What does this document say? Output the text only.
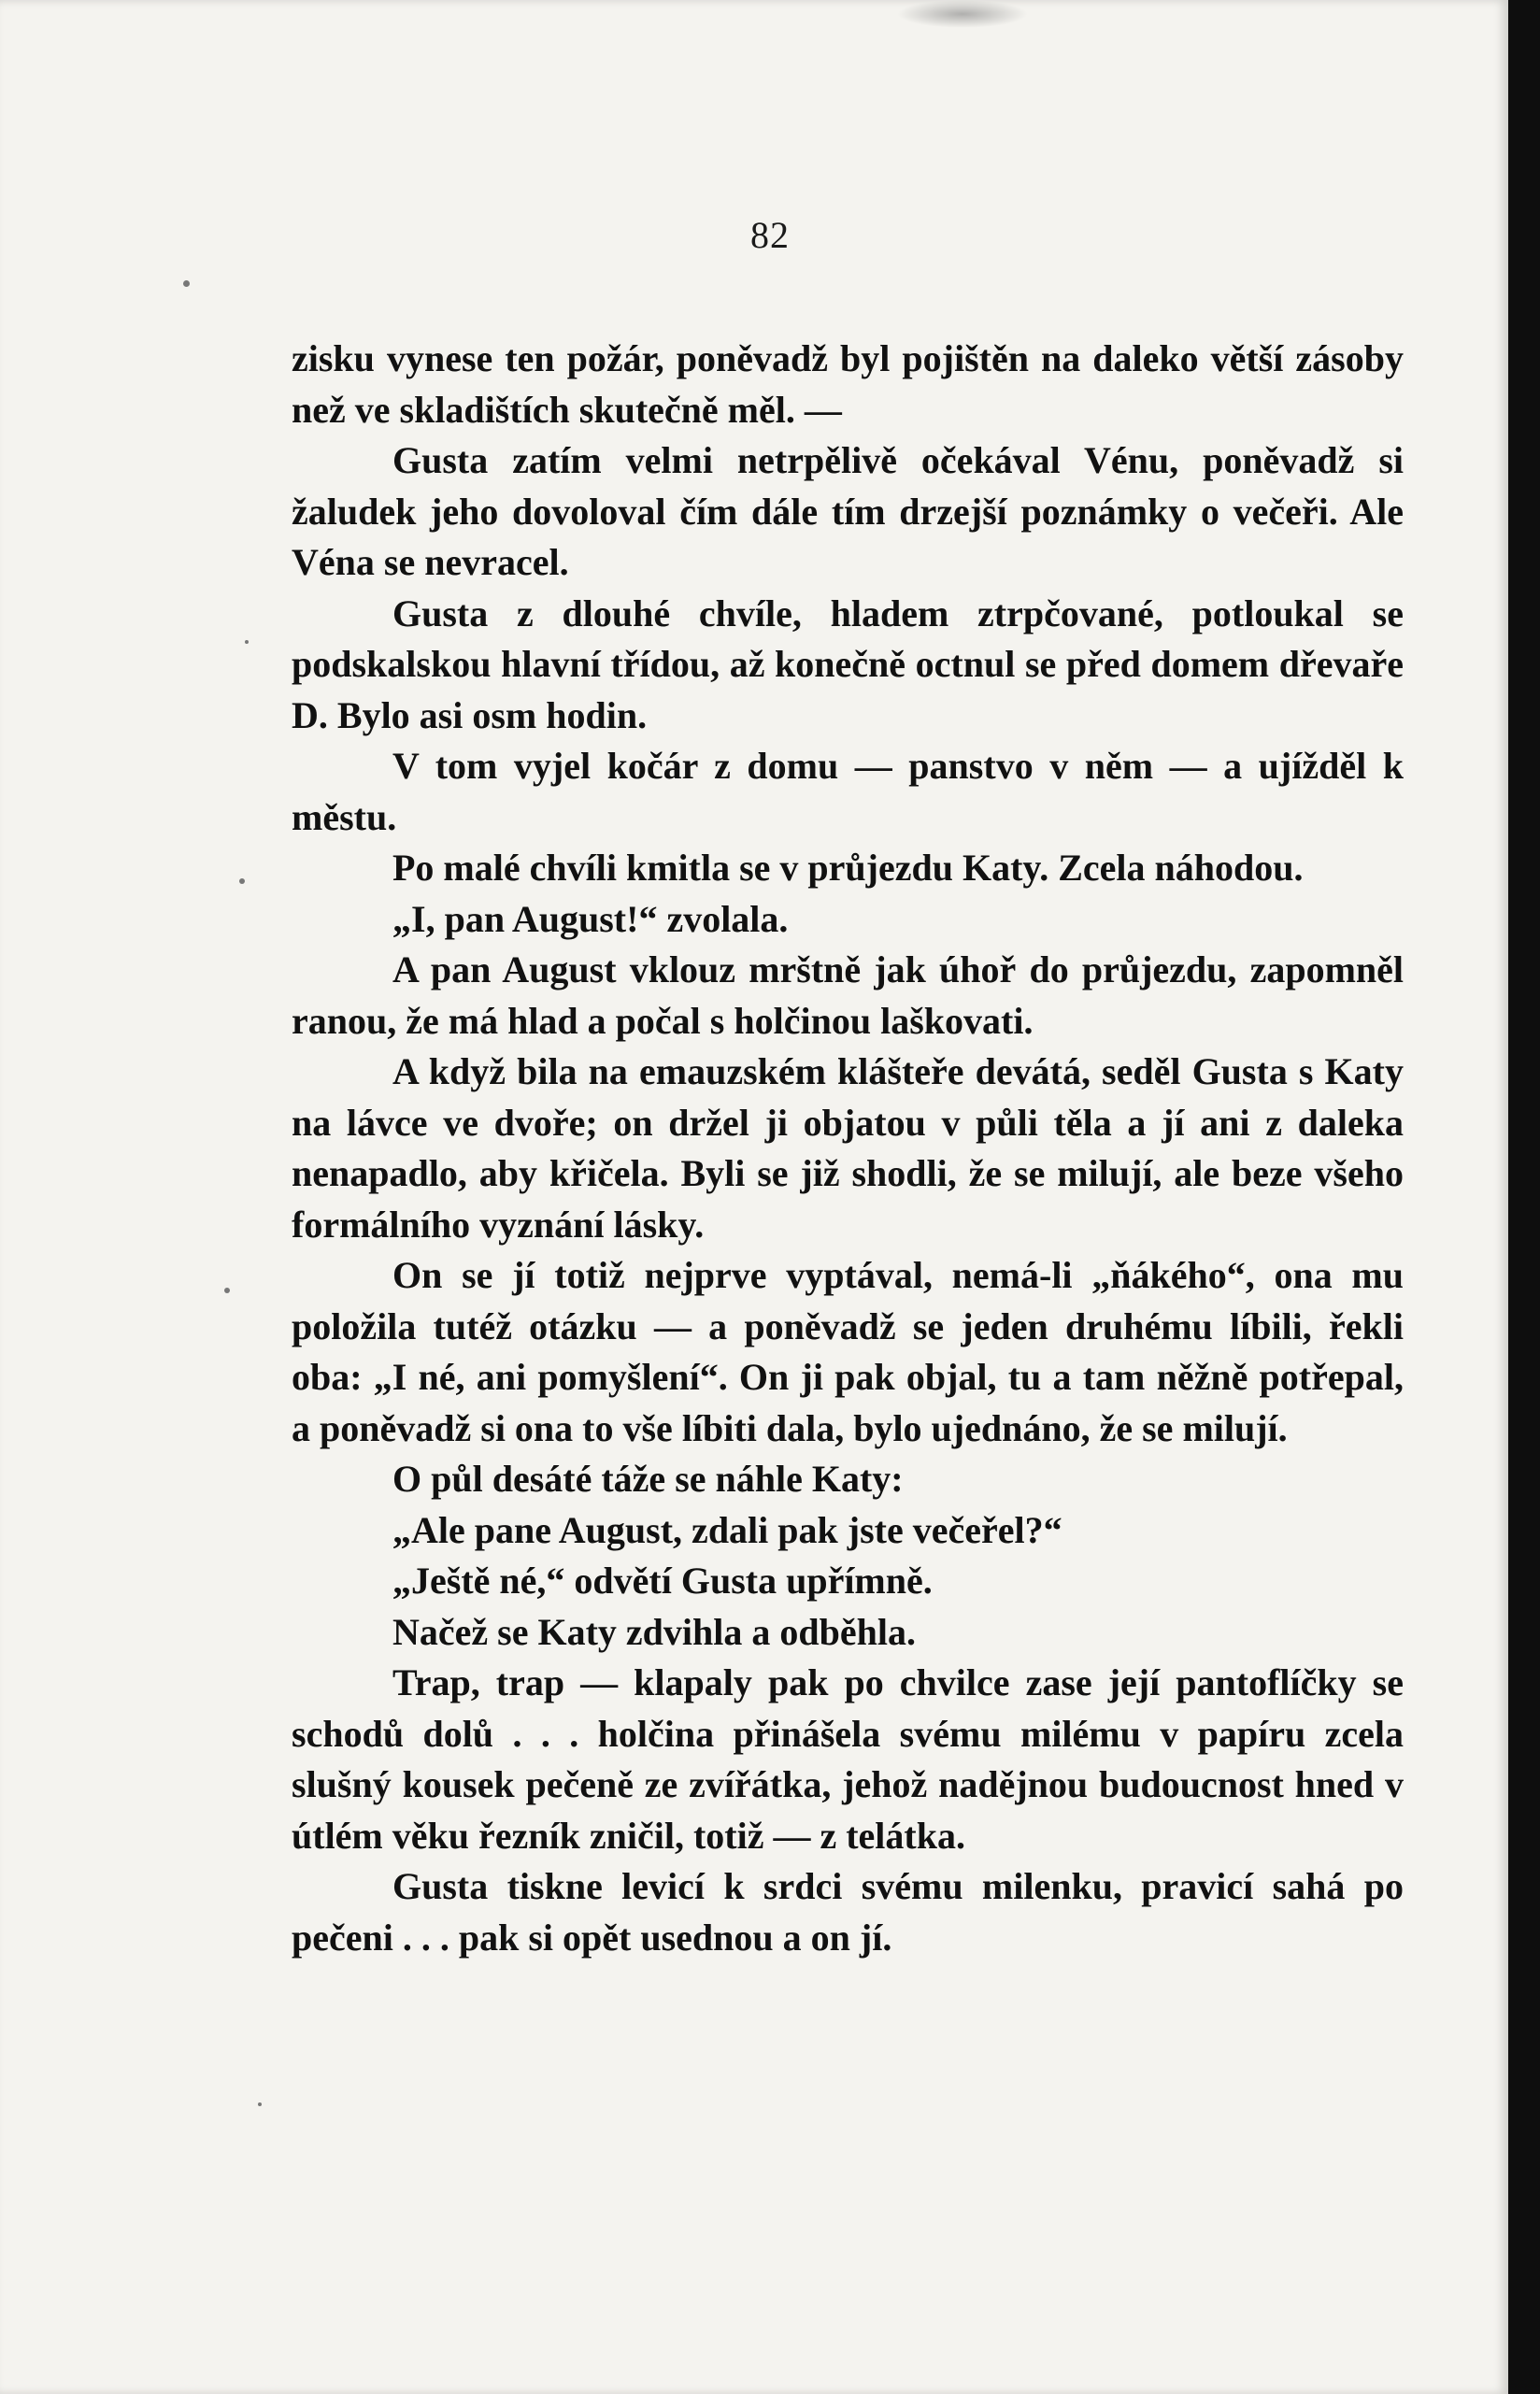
82

zisku vynese ten požár, poněvadž byl pojištěn na daleko větší zásoby než ve skladištích skutečně měl. —

Gusta zatím velmi netrpělivě očekával Vénu, poněvadž si žaludek jeho dovoloval čím dále tím drzejší poznámky o večeři. Ale Véna se nevracel.

Gusta z dlouhé chvíle, hladem ztrpčované, potloukal se podskalskou hlavní třídou, až konečně octnul se před domem dřevaře D. Bylo asi osm hodin.

V tom vyjel kočár z domu — panstvo v něm — a ujížděl k městu.

Po malé chvíli kmitla se v průjezdu Katy. Zcela náhodou.

„I, pan August!“ zvolala.

A pan August vklouz mrštně jak úhoř do průjezdu, zapomněl ranou, že má hlad a počal s holčinou laškovati.

A když bila na emauzském klášteře devátá, seděl Gusta s Katy na lávce ve dvoře; on držel ji objatou v půli těla a jí ani z daleka nenapadlo, aby křičela. Byli se již shodli, že se milují, ale beze všeho formálního vyznání lásky.

On se jí totiž nejprve vyptával, nemá-li „ňákého“, ona mu položila tutéž otázku — a poněvadž se jeden druhému líbili, řekli oba: „I né, ani pomyšlení“. On ji pak objal, tu a tam něžně potřepal, a poněvadž si ona to vše líbiti dala, bylo ujednáno, že se milují.

O půl desáté táže se náhle Katy:

„Ale pane August, zdali pak jste večeřel?“

„Ještě né,“ odvětí Gusta upřímně.

Načež se Katy zdvihla a odběhla.

Trap, trap — klapaly pak po chvilce zase její pantoflíčky se schodů dolů . . . holčina přinášela svému milému v papíru zcela slušný kousek pečeně ze zvířátka, jehož nadějnou budoucnost hned v útlém věku řezník zničil, totiž — z telátka.

Gusta tiskne levicí k srdci svému milenku, pravicí sahá po pečeni . . . pak si opět usednou a on jí.
